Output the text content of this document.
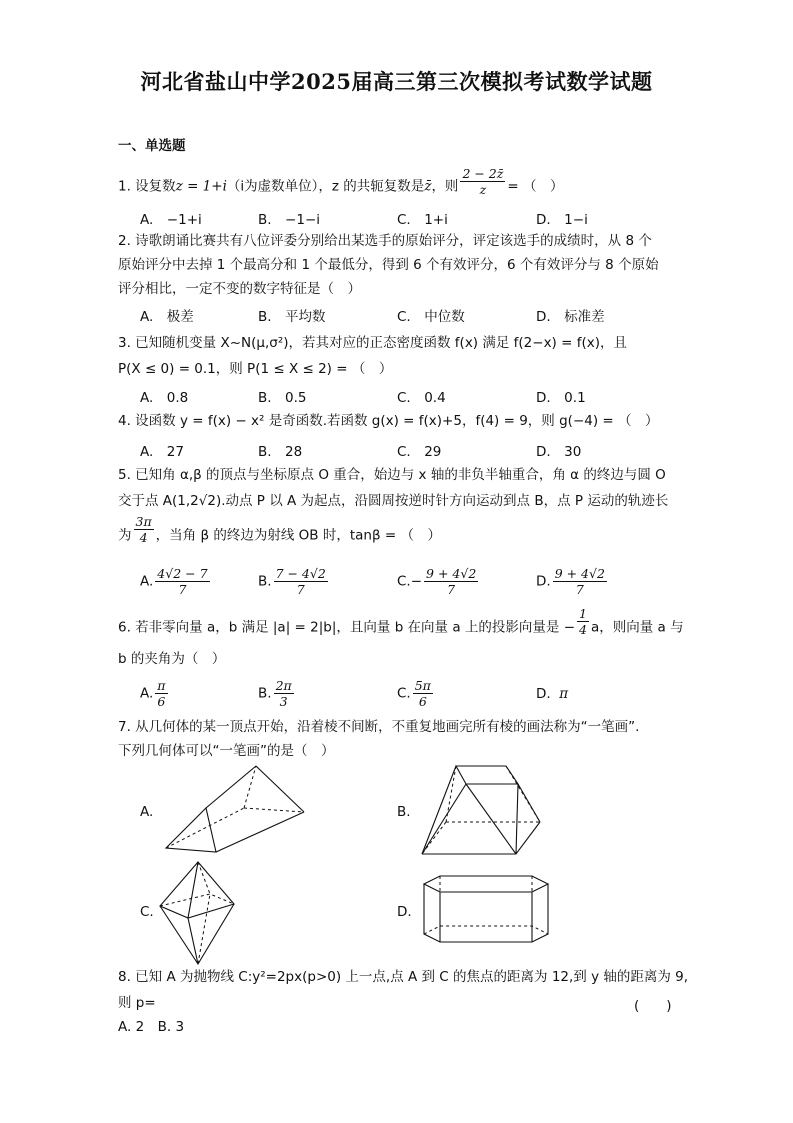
河北省盐山中学2025届高三第三次模拟考试数学试题
一、单选题
1. 设复数z = 1+i（i为虚数单位），z 的共轭复数是z̄，则 $\frac{2 - 2z̄}{z}$ = （　）
A.　−1+i	B.　−1−i	C.　1+i	D.　1−i
2. 诗歌朗诵比赛共有八位评委分别给出某选手的原始评分，评定该选手的成绩时，从 8 个
原始评分中去掉 1 个最高分和 1 个最低分，得到 6 个有效评分，6 个有效评分与 8 个原始
评分相比，一定不变的数字特征是（　）
A.　极差	B.　平均数	C.　中位数	D.　标准差
3. 已知随机变量 X~N(μ,σ²)，若其对应的正态密度函数 f(x) 满足 f(2−x) = f(x)，且
P(X ≤ 0) = 0.1，则 P(1 ≤ X ≤ 2) = （　）
A.　0.8	B.　0.5	C.　0.4	D.　0.1
4. 设函数 y = f(x) − x² 是奇函数.若函数 g(x) = f(x)+5，f(4) = 9，则 g(−4) = （　）
A.　27	B.　28	C.　29	D.　30
5. 已知角 α,β 的顶点与坐标原点 O 重合，始边与 x 轴的非负半轴重合，角 α 的终边与圆 O
交于点 A(1,2√2).动点 P 以 A 为起点，沿圆周按逆时针方向运动到点 B，点 P 运动的轨迹长
为 $\frac{3\pi}{4}$ ，当角 β 的终边为射线 OB 时，tanβ = （　）
A. $\frac{4√2 - 7}{7}$	B. $\frac{7 - 4√2}{7}$	$C.- \frac{9 + 4√2}{7}$	D. $\frac{9 + 4√2}{7}$
6. 若非零向量 a，b 满足 |a| = 2|b|，且向量 b 在向量 a 上的投影向量是 − $\frac{1}{4}$ a，则向量 a 与
b 的夹角为（　）
A. $\frac{\pi}{6}$	B. $\frac{2\pi}{3}$	C. $\frac{5\pi}{6}$	D. π
7. 从几何体的某一顶点开始，沿着棱不间断，不重复地画完所有棱的画法称为“一笔画”.
下列几何体可以“一笔画”的是（　）
A.	B.
C.	D.
8. 已知 A 为抛物线 C:y²=2px(p>0) 上一点,点 A 到 C 的焦点的距离为 12,到 y 轴的距离为 9,
则 p=	(　　)
A. 2　B. 3
